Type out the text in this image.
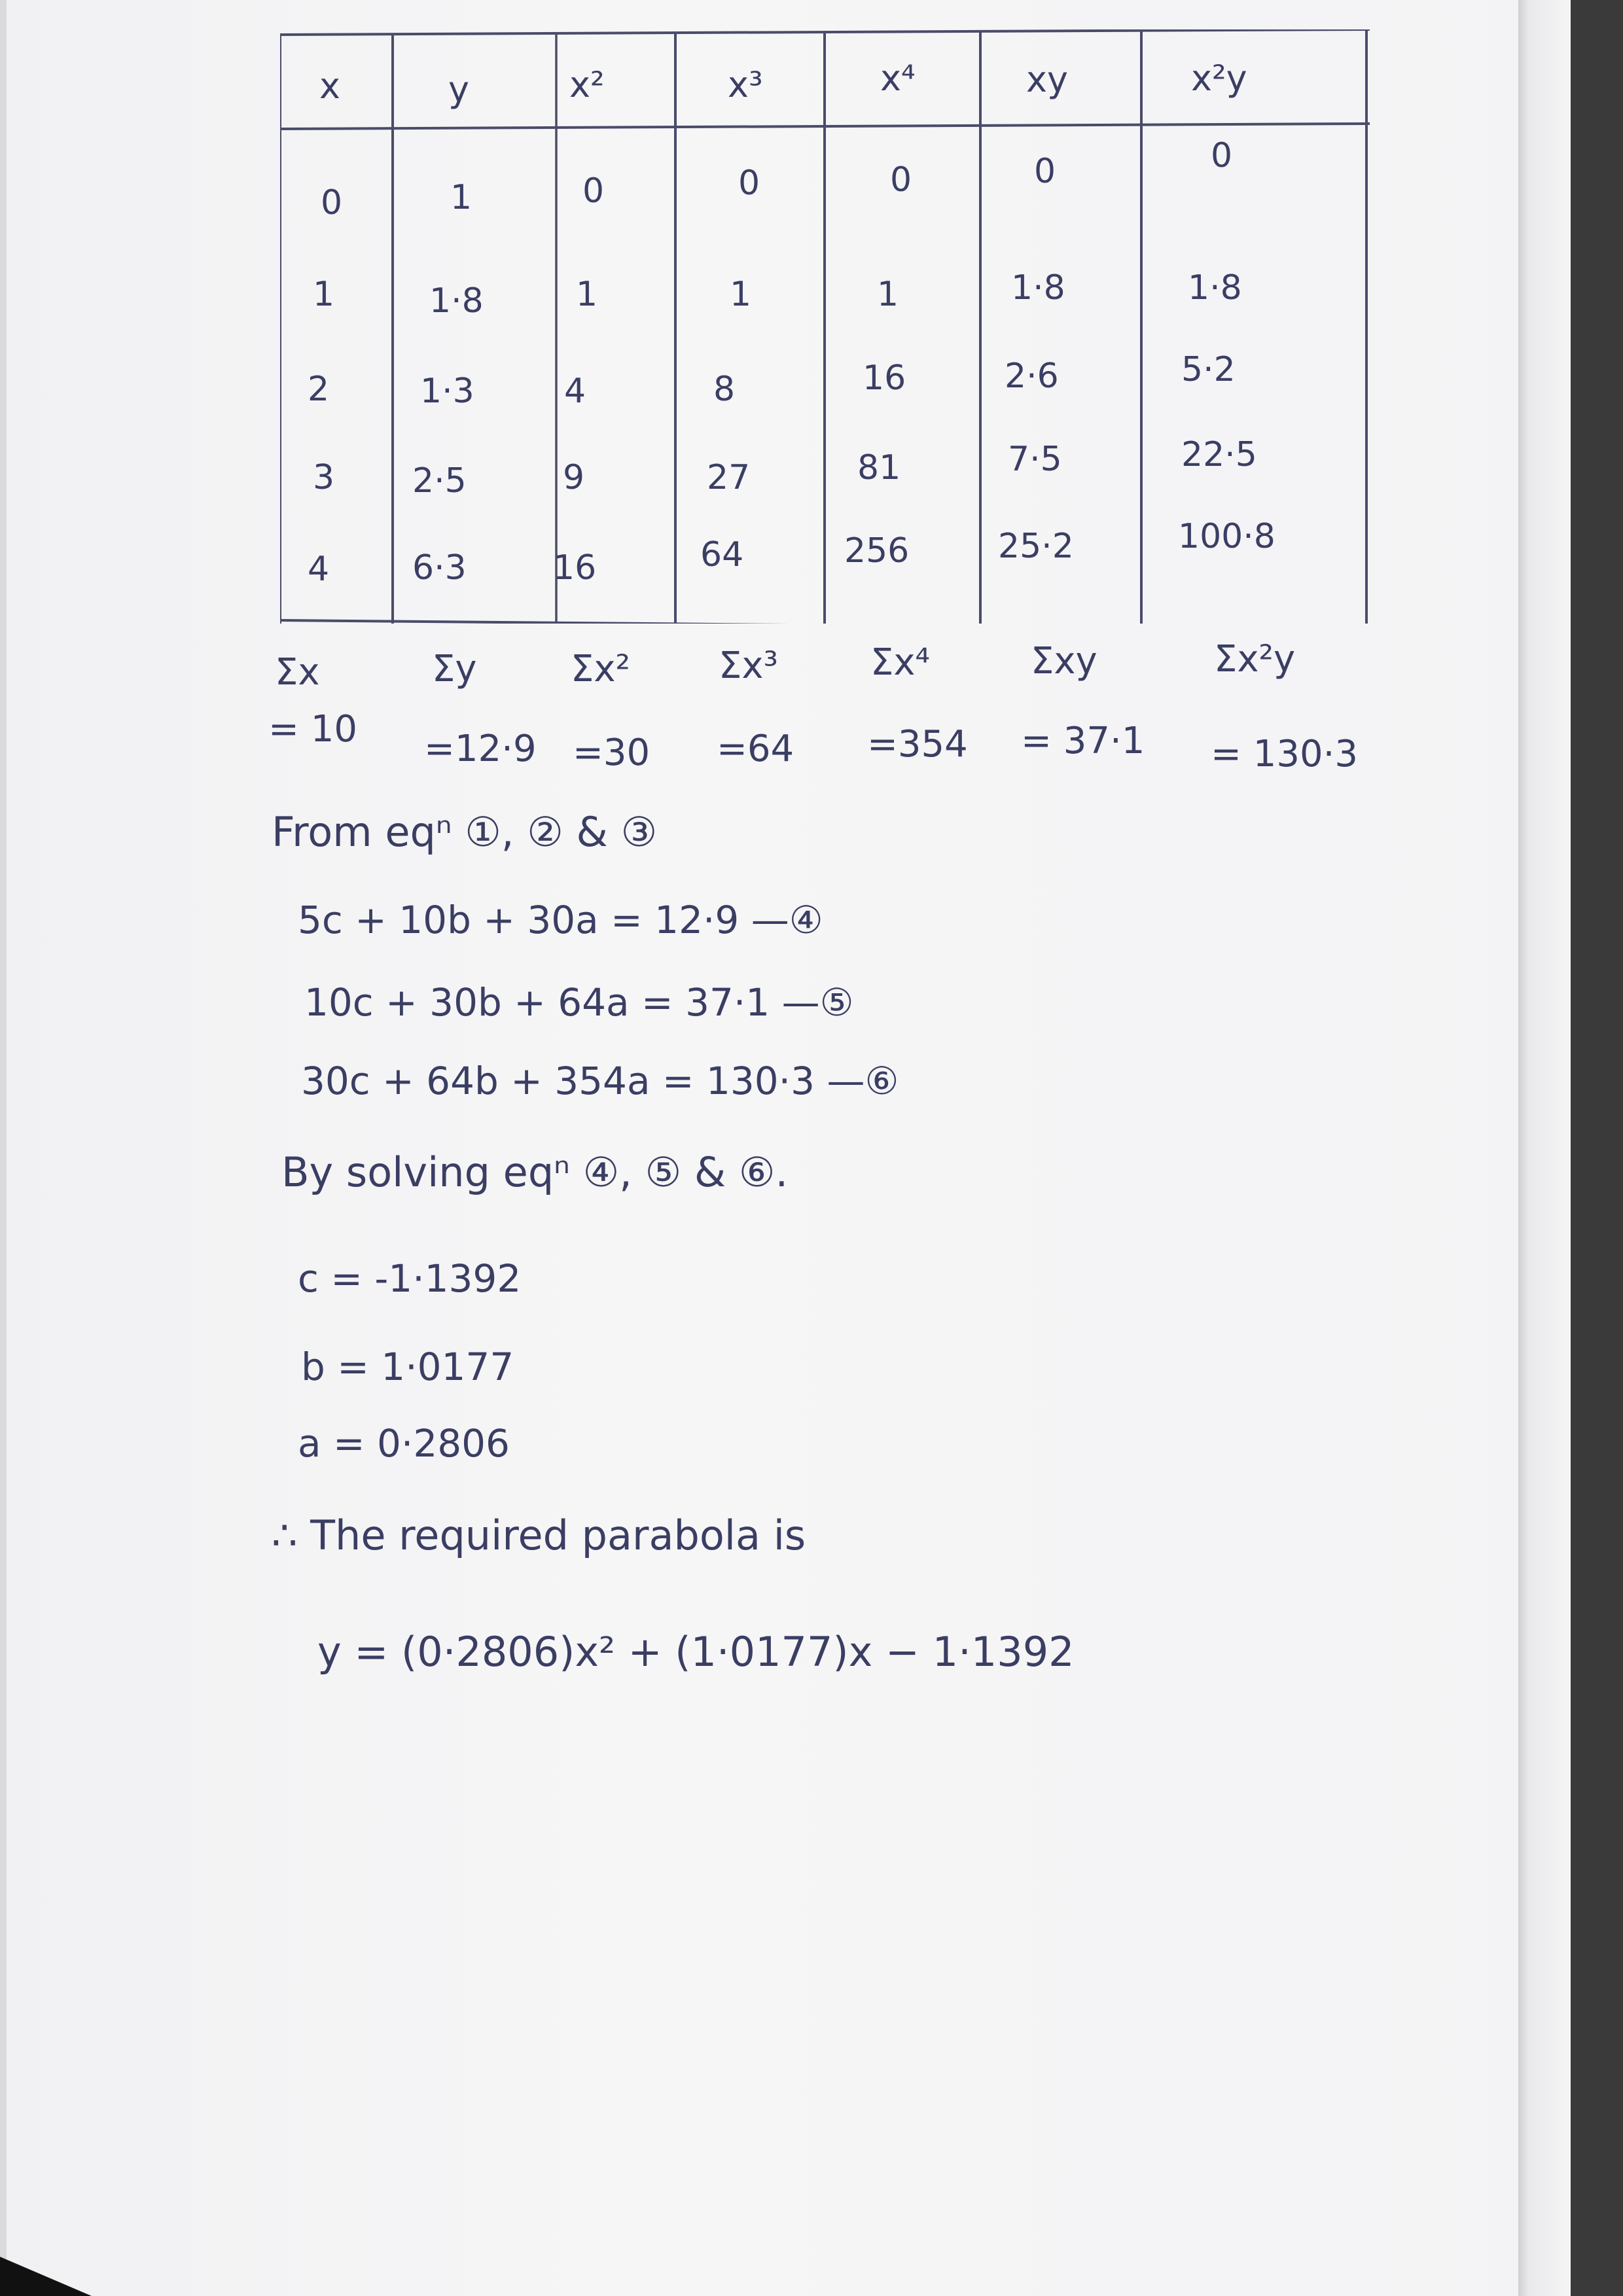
x	y	x²	x³	x⁴	xy	x²y
0	1	0	0	0	0	0
1	1·8	1	1	1	1·8	1·8
2	1·3	4	8	16	2·6	5·2
3 2·5	9	27	81	7·5	22·5
4 6·3	16	64	256	25·2	100·8
Σx	Σy	Σx² Σx³	Σx⁴	Σxy	Σx²y
= 10 =12·9 =30 =64 =354 = 37·1 = 130·3
From eqⁿ ①, ② & ③
5c + 10b + 30a = 12·9 —④
10c + 30b + 64a = 37·1 —⑤
30c + 64b + 354a = 130·3 —⑥
By solving eqⁿ ④, ⑤ & ⑥.
c = -1·1392
b = 1·0177
a = 0·2806
∴ The required parabola is
y = (0·2806)x² + (1·0177)x − 1·1392
